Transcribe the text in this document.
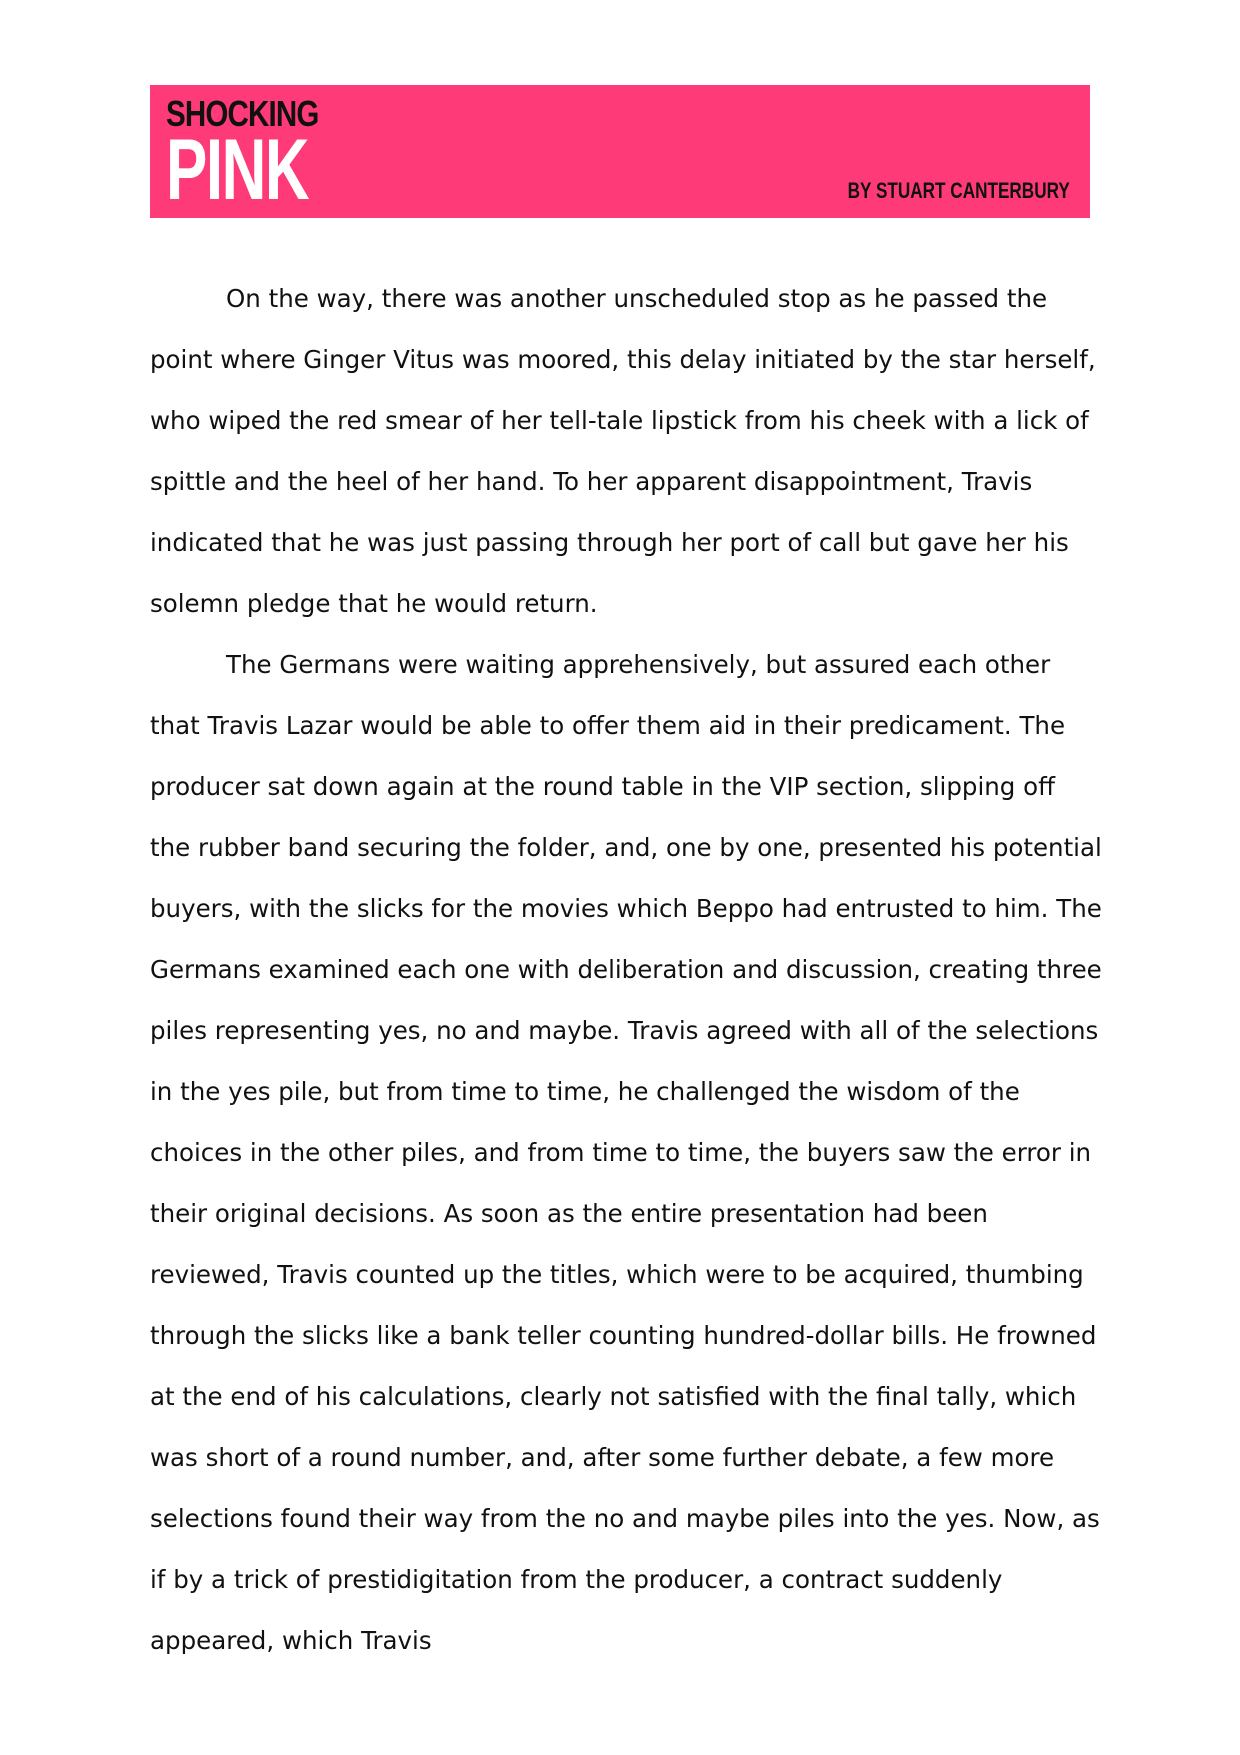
SHOCKING
PINK	BY STUART CANTERBURY

On the way, there was another unscheduled stop as he passed the point where Ginger Vitus was moored, this delay initiated by the star herself, who wiped the red smear of her tell-tale lipstick from his cheek with a lick of spittle and the heel of her hand. To her apparent disappointment, Travis indicated that he was just passing through her port of call but gave her his solemn pledge that he would return.

The Germans were waiting apprehensively, but assured each other that Travis Lazar would be able to offer them aid in their predicament. The producer sat down again at the round table in the VIP section, slipping off the rubber band securing the folder, and, one by one, presented his potential buyers, with the slicks for the movies which Beppo had entrusted to him. The Germans examined each one with deliberation and discussion, creating three piles representing yes, no and maybe. Travis agreed with all of the selections in the yes pile, but from time to time, he challenged the wisdom of the choices in the other piles, and from time to time, the buyers saw the error in their original decisions. As soon as the entire presentation had been reviewed, Travis counted up the titles, which were to be acquired, thumbing through the slicks like a bank teller counting hundred-dollar bills. He frowned at the end of his calculations, clearly not satisfied with the final tally, which was short of a round number, and, after some further debate, a few more selections found their way from the no and maybe piles into the yes. Now, as if by a trick of prestidigitation from the producer, a contract suddenly appeared, which Travis
